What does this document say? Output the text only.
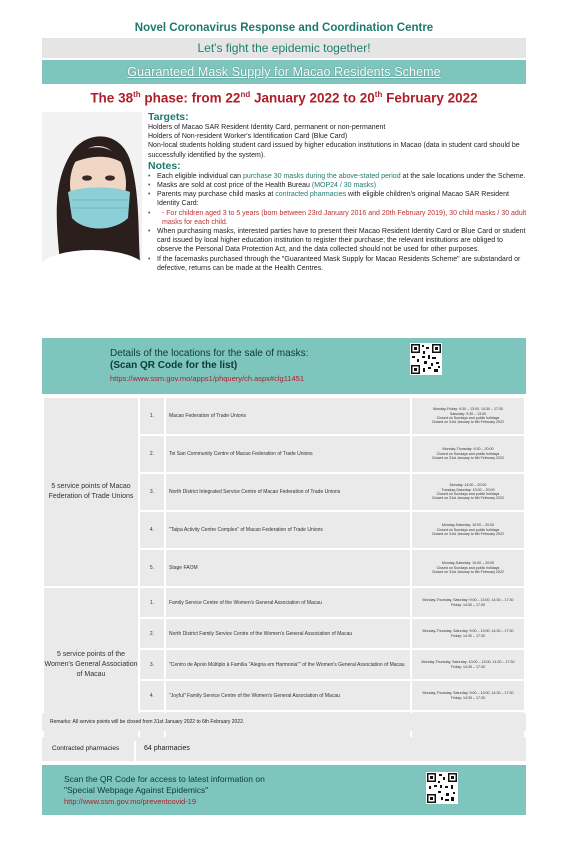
Novel Coronavirus Response and Coordination Centre
Let's fight the epidemic together!
Guaranteed Mask Supply for Macao Residents Scheme
The 38th phase: from 22nd January 2022 to 20th February 2022
Targets:

Holders of Macao SAR Resident Identity Card, permanent or non-permanent

Holders of Non-resident Worker's Identification Card (Blue Card)

Non-local students holding student card issued by higher education institutions in Macao (data in student card should be successfully identified by the system).

Notes:
• Each eligible individual can purchase 30 masks during the above-stated period at the sale locations under the Scheme.
• Masks are sold at cost price of the Health Bureau (MOP24 / 30 masks)
• Parents may purchase child masks at contracted pharmacies with eligible children's original Macao SAR Resident Identity Card:
• - For children aged 3 to 5 years (born between 23rd January 2016 and 20th February 2019), 30 child masks / 30 adult masks for each child.
• When purchasing masks, interested parties have to present their Macao Resident Identity Card or Blue Card or student card issued by local higher education institution to register their purchase; the relevant institutions are obliged to observe the Personal Data Protection Act, and the data collected should not be used for other purposes.
• If the facemasks purchased through the "Guaranteed Mask Supply for Macao Residents Scheme" are substandard or defective, returns can be made at the Health Centres.
Details of the locations for the sale of masks:
(Scan QR Code for the list)
https://www.ssm.gov.mo/apps1/phquery/ch.aspx#clg11451
5 service points of Macao Federation of Trade Unions	1.	Macao Federation of Trade Unions	Monday-Friday: 9:30 – 13:00, 14:30 – 17:30
Saturday: 9:30 – 13:00
Closed on Sundays and public holidays
Closed on 31st January to 6th February 2022
	2.	Toi San Community Centre of Macao Federation of Trade Unions	Monday-Thursday: 9:30 – 20:00
Closed on Sundays and public holidays
Closed on 31st January to 6th February 2022
	3.	North District Integrated Service Centre of Macao Federation of Trade Unions	Monday: 14:00 – 20:00
Tuesday-Saturday: 10:00 – 20:00
Closed on Sundays and public holidays
Closed on 31st January to 6th February 2022
	4.	"Taipa Activity Centre Complex" of Macao Federation of Trade Unions	Monday-Saturday: 10:00 – 20:00
Closed on Sundays and public holidays
Closed on 31st January to 6th February 2022
	5.	Stage FAOM	Monday-Saturday: 10:00 – 20:00
Closed on Sundays and public holidays
Closed on 31st January to 6th February 2022
5 service points of the Women's General Association of Macau	1.	Family Service Centre of the Women's General Association of Macau	Monday-Thursday, Saturday: 9:00 – 13:00, 14:30 – 17:30
Friday: 14:30 – 17:30
	2.	North District Family Service Centre of the Women's General Association of Macau	Monday-Thursday, Saturday: 9:00 – 13:00, 14:30 – 17:30
Friday: 14:30 – 17:30
	3.	"Centro de Apoio Múltiplo à Família "Alegria em Harmonia"" of the Women's General Association of Macau	Monday-Thursday, Saturday: 10:00 – 13:00, 14:30 – 17:30
Friday: 14:30 – 17:30
	4.	"Joyful" Family Service Centre of the Women's General Association of Macau	Monday-Thursday, Saturday: 9:00 – 13:00, 14:30 – 17:30
Friday: 14:30 – 17:30

Remarks: All service points will be closed from 31st January 2022 to 6th February 2022.
Contracted pharmacies	64 pharmacies
Scan the QR Code for access to latest information on
"Special Webpage Against Epidemics"
http://www.ssm.gov.mo/preventcovid-19
